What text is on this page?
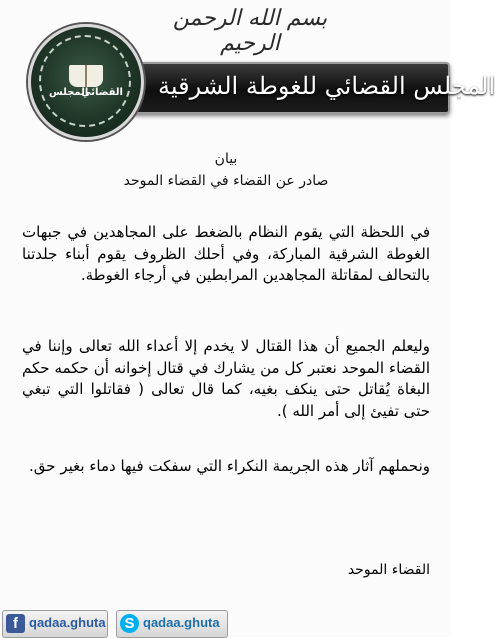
بسم الله الرحمن الرحيم
المجلس القضائي للغوطة الشرقية
المجلس
القضائي
بيان
صادر عن القضاء في القضاء الموحد
في اللحظة التي يقوم النظام بالضغط على المجاهدين في جبهات الغوطة الشرقية المباركة، وفي أحلك الظروف يقوم أبناء جلدتنا بالتحالف لمقاتلة المجاهدين المرابطين في أرجاء الغوطة.
وليعلم الجميع أن هذا القتال لا يخدم إلا أعداء الله تعالى وإننا في القضاء الموحد نعتبر كل من يشارك في قتال إخوانه أن حكمه حكم البغاة يُقاتل حتى ينكف بغيه، كما قال تعالى ( فقاتلوا التي تبغي حتى تفيئ إلى أمر الله ).
ونحملهم آثار هذه الجريمة النكراء التي سفكت فيها دماء بغير حق.
القضاء الموحد
f qadaa.ghuta S qadaa.ghuta
